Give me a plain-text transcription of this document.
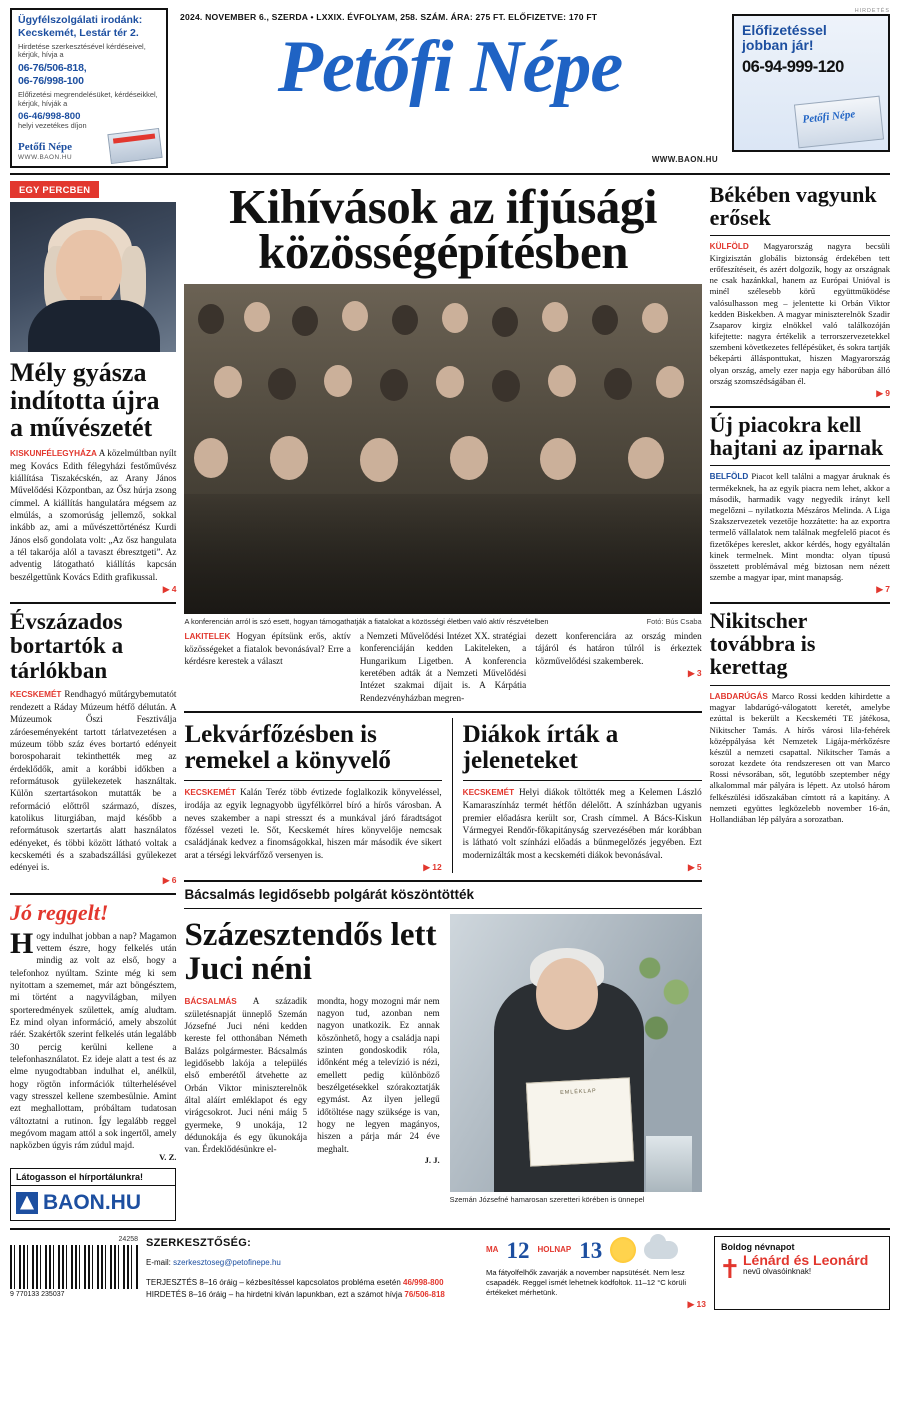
Ügyfélszolgálati irodánk:
Kecskemét, Lestár tér 2.
Hirdetése szerkesztésével kérdéseivel, kérjük, hívja a
06-76/506-818,
06-76/998-100
Előfizetési megrendelésüket, kérdéseikkel, kérjük, hívják a
06-46/998-800
helyi vezetékes díjon
Petőfi Népe
WWW.BAON.HU
2024. NOVEMBER 6., SZERDA • LXXIX. ÉVFOLYAM, 258. SZÁM. ÁRA: 275 FT. ELŐFIZETVE: 170 FT
Petőfi Népe
WWW.BAON.HU
HIRDETÉS
Előfizetéssel
jobban jár!
06-94-999-120
Petőfi Népe
EGY PERCBEN
Mély gyásza indította újra a művészetét
KISKUNFÉLEGYHÁZA A közelmúltban nyílt meg Kovács Edith félegyházi festőművész kiállítása Tiszakécskén, az Arany János Művelődési Központban, az Ősz húrja zsong címmel. A kiállítás hangulatára mégsem az elmúlás, a szomorúság jellemző, sokkal inkább az, ami a művészettörténész Kurdi János első gondolata volt: „Az ősz hangulata a tél takarója alól a tavaszt ébresztgeti”. Az adventig látogatható kiállítás kapcsán beszélgettünk Kovács Edith grafikussal.
▶ 4
Évszázados bortartók a tárlókban
KECSKEMÉT Rendhagyó műtárgybemutatót rendezett a Ráday Múzeum hétfő délután. A Múzeumok Őszi Fesztiválja záróeseményeként tartott tárlatvezetésen a múzeum több száz éves bortartó edényeit borospoharait tekinthették meg az érdeklődők, amit a korábbi időkben a reformátusok gyülekezetek használtak. Külön szertartásokon mutatták be a reformáció előttről származó, díszes, katolikus liturgiában, majd később a reformátusok szertartás alatt használatos edényeket, és többi között látható voltak a kecskeméti és a szabadszállási gyülekezet edényei is.
▶ 6
Jó reggelt!
Hogy indulhat jobban a nap? Magamon vettem észre, hogy felkelés után mindig az volt az első, hogy a telefonhoz nyúltam. Szinte még ki sem nyitottam a szememet, már azt böngésztem, mi történt a nagyvilágban, milyen sporteredmények születtek, amíg aludtam. Ez mind olyan információ, amely abszolút ráér. Szakértők szerint felkelés után legalább 30 percig kerülni kellene a telefonhasználatot. Ez ideje alatt a test és az elme nyugodtabban indulhat el, anélkül, hogy rögtön információk túlterhelésével vagy stresszel kellene szembesülnie. Amint ezt meghallottam, próbáltam tudatosan változtatni a rutinon. Így legalább reggel megóvom magam attól a sok ingertől, amely napközben úgyis rám zúdul majd.
V. Z.
Látogasson el hírportálunkra!
BAON.HU
Kihívások az ifjúsági
közösségépítésben
A konferencián arról is szó esett, hogyan támogathatják a fiatalokat a közösségi életben való aktív részvételben	Fotó: Bús Csaba
LAKITELEK Hogyan építsünk erős, aktív közösségeket a fiatalok bevonásával? Erre a kérdésre kerestek a választ
a Nemzeti Művelődési Intézet XX. stratégiai konferenciáján kedden Lakiteleken, a Hungarikum Ligetben. A konferencia keretében adták át a Nemzeti Művelődési Intézet szakmai díjait is. A Kárpátia Rendezvényházban megren-
dezett konferenciára az ország minden tájáról és határon túlról is érkeztek közművelődési szakemberek.
▶ 3
Lekvárfőzésben is remekel a könyvelő
KECSKEMÉT Kalán Teréz több évtizede foglalkozik könyveléssel, irodája az egyik legnagyobb ügyfélkörrel bíró a hírős városban. A neves szakember a napi stresszt és a munkával járó fáradtságot főzéssel vezeti le. Sőt, Kecskemét híres könyvelője nemcsak családjának kedvez a finomságokkal, hiszen már második éve sikert arat a térségi lekvárfőző versenyen is.
▶ 12
Diákok írták a jeleneteket
KECSKEMÉT Helyi diákok töltötték meg a Kelemen László Kamaraszínház termét hétfőn délelőtt. A színházban ugyanis premier előadásra került sor, Crash címmel. A Bács-Kiskun Vármegyei Rendőr-főkapitányság szervezésében már korábban is látható volt színházi előadás a bűnmegelőzés jegyében. Ezt modernizálták most a kecskeméti diákok bevonásával.
▶ 5
Bácsalmás legidősebb polgárát köszöntötték
Százesztendős lett Juci néni
BÁCSALMÁS A századik születésnapját ünneplő Szemán Józsefné Juci néni kedden kereste fel otthonában Németh Balázs polgármester. Bácsalmás legidősebb lakója a település első emberétől átvehette az Orbán Viktor miniszterelnök által aláírt emléklapot és egy virágcsokrot. Juci néni máig 5 gyermeke, 9 unokája, 12 dédunokája és egy ükunokája van. Érdeklődésünkre el-
mondta, hogy mozogni már nem nagyon tud, azonban nem nagyon unatkozik. Ez annak köszönhető, hogy a családja napi szinten gondoskodik róla, időnként még a televízió is nézi, emellett pedig különböző beszélgetésekkel szórakoztatják egymást. Az ilyen jellegű időtöltése nagy szüksége is van, hogy ne legyen magányos, hiszen a párja már 24 éve meghalt.
J. J.
EMLÉKLAP
Szemán Józsefné hamarosan szeretteri körében is ünnepel
Békében vagyunk erősek
KÜLFÖLD Magyarország nagyra becsüli Kirgizisztán globális biztonság érdekében tett erőfeszítéseit, és azért dolgozik, hogy az országnak ne csak hazánkkal, hanem az Európai Unióval is minél szélesebb körű együttműködése valósulhasson meg – jelentette ki Orbán Viktor kedden Biskekben. A magyar miniszterelnök Szadir Zsaparov kirgiz elnökkel való találkozóján kifejtette: nagyra értékelik a terrorszervezetekkel szembeni következetes fellépésüket, és sokra tartják békepárti állásponttukat, hiszen Magyarország olyan ország, amely ezer napja egy háborúban álló ország szomszédságában él.
▶ 9
Új piacokra kell hajtani az iparnak
BELFÖLD Piacot kell találni a magyar áruknak és termékeknek, ha az egyik piacra nem lehet, akkor a második, harmadik vagy negyedik irányt kell megelőzni – nyilatkozta Mészáros Melinda. A Liga Szakszervezetek vezetője hozzátette: ha az exportra termelő vállalatok nem találnak megfelelő piacot és fizetőképes kereslet, akkor kérdés, hogy egyáltalán kinek termelnek. Mint mondta: olyan típusú összetett problémával még biztosan nem nézett szembe a magyar ipar, mint manapság.
▶ 7
Nikitscher továbbra is kerettag
LABDARÚGÁS Marco Rossi kedden kihirdette a magyar labdarúgó-válogatott keretét, amelybe ezúttal is bekerült a Kecskeméti TE játékosa, Nikitscher Tamás. A hírős városi lila-fehérek középpályása két Nemzetek Ligája-mérkőzésre készül a nemzeti csapattal. Nikitscher Tamás a sorozat kezdete óta rendszeresen ott van Marco Rossi névsorában, sőt, legutóbb szeptember négy alkalommal már pályára is lépett. Az utolsó három felkészülési időszakában címtott rá a kapitány. A nemzeti együttes legközelebb november 16-án, Hollandiában lép pályára a sorozatban.
24258
9 770133 235037
SZERKESZTŐSÉG:
E-mail: szerkesztoseg@petofinepe.hu
TERJESZTÉS 8–16 óráig – kézbesítéssel kapcsolatos probléma esetén 46/998-800
HIRDETÉS 8–16 óráig – ha hirdetni kíván lapunkban, ezt a számot hívja 76/506-818
MA 12 HOLNAP 13
Ma fátyolfelhők zavarják a november napsütését. Nem lesz csapadék. Reggel ismét lehetnek ködfoltok. 11–12 °C körüli értékeket mérhetünk.
▶ 13
Boldog névnapot
✝ Lénárd és Leonárd
nevű olvasóinknak!
